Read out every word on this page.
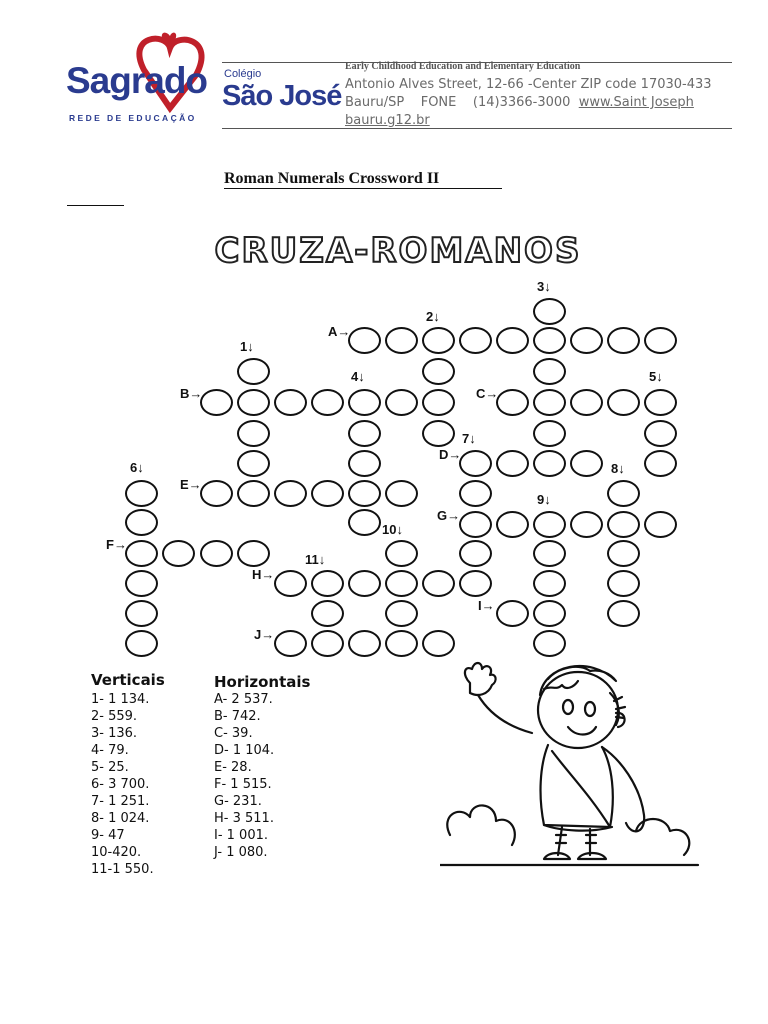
Sagrado
REDE DE EDUCAÇÃO
Colégio
São José
Early Childhood Education and Elementary Education
Antonio Alves Street, 12-66 -Center ZIP code 17030-433
Bauru/SP FONE (14)3366-3000 www.Saint Joseph
bauru.g12.br
Roman Numerals Crossword II
CRUZA-ROMANOS
1↓
2↓
3↓
4↓	5↓
6↓
7↓
8↓
9↓
10↓
11↓
A→
B→	C→
D→
E→
F→
G→
H→
I→
J→
Verticais
1- 1 134.
2- 559.
3- 136.
4- 79.
5- 25.
6- 3 700.
7- 1 251.
8- 1 024.
9- 47
10-420.
11-1 550.
Horizontais
A- 2 537.
B- 742.
C- 39.
D- 1 104.
E- 28.
F- 1 515.
G- 231.
H- 3 511.
I- 1 001.
J- 1 080.
